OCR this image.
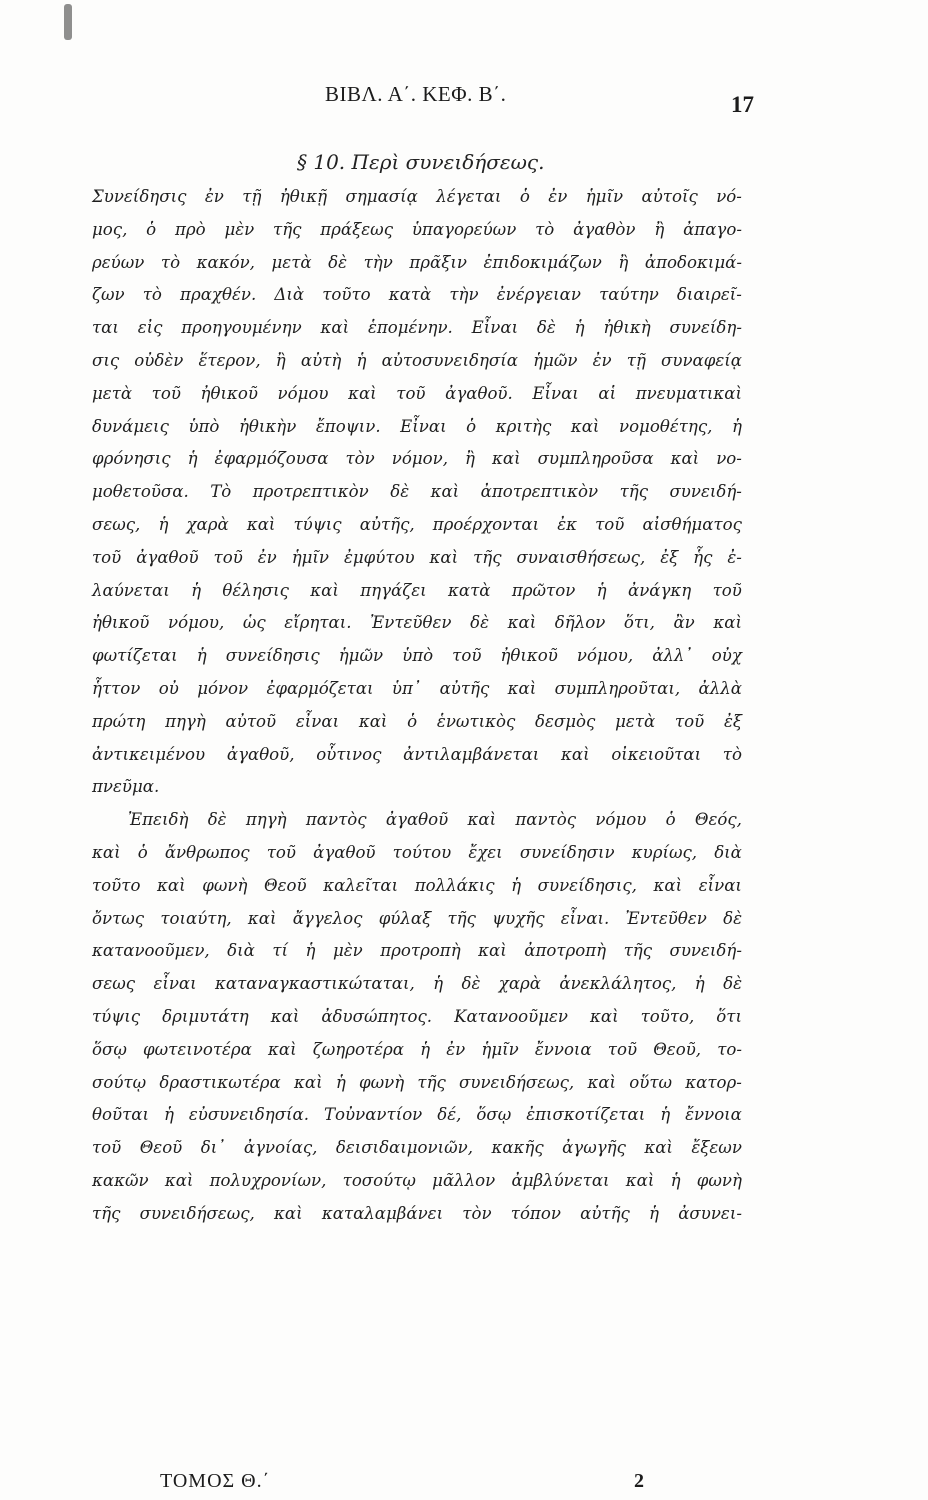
ΒΙΒΛ. Α΄. ΚΕΦ. Β΄.	17
§ 10. Περὶ συνειδήσεως.
Συνείδησις ἐν τῇ ἠθικῇ σημασίᾳ λέγεται ὁ ἐν ἡμῖν αὐτοῖς νό-
μος, ὁ πρὸ μὲν τῆς πράξεως ὑπαγορεύων τὸ ἀγαθὸν ἢ ἀπαγο-
ρεύων τὸ κακόν, μετὰ δὲ τὴν πρᾶξιν ἐπιδοκιμάζων ἢ ἀποδοκιμά-
ζων τὸ πραχθέν. Διὰ τοῦτο κατὰ τὴν ἐνέργειαν ταύτην διαιρεῖ-
ται εἰς προηγουμένην καὶ ἑπομένην. Εἶναι δὲ ἡ ἠθικὴ συνείδη-
σις οὐδὲν ἕτερον, ἢ αὐτὴ ἡ αὐτοσυνειδησία ἡμῶν ἐν τῇ συναφείᾳ
μετὰ τοῦ ἠθικοῦ νόμου καὶ τοῦ ἀγαθοῦ. Εἶναι αἱ πνευματικαὶ
δυνάμεις ὑπὸ ἠθικὴν ἔποψιν. Εἶναι ὁ κριτὴς καὶ νομοθέτης, ἡ
φρόνησις ἡ ἐφαρμόζουσα τὸν νόμον, ἢ καὶ συμπληροῦσα καὶ νο-
μοθετοῦσα. Τὸ προτρεπτικὸν δὲ καὶ ἀποτρεπτικὸν τῆς συνειδή-
σεως, ἡ χαρὰ καὶ τύψις αὐτῆς, προέρχονται ἐκ τοῦ αἰσθήματος
τοῦ ἀγαθοῦ τοῦ ἐν ἡμῖν ἐμφύτου καὶ τῆς συναισθήσεως, ἐξ ἧς ἐ-
λαύνεται ἡ θέλησις καὶ πηγάζει κατὰ πρῶτον ἡ ἀνάγκη τοῦ
ἠθικοῦ νόμου, ὡς εἴρηται. Ἐντεῦθεν δὲ καὶ δῆλον ὅτι, ἂν καὶ
φωτίζεται ἡ συνείδησις ἡμῶν ὑπὸ τοῦ ἠθικοῦ νόμου, ἀλλ᾽ οὐχ
ἧττον οὐ μόνον ἐφαρμόζεται ὑπ᾽ αὐτῆς καὶ συμπληροῦται, ἀλλὰ
πρώτη πηγὴ αὐτοῦ εἶναι καὶ ὁ ἑνωτικὸς δεσμὸς μετὰ τοῦ ἐξ
ἀντικειμένου ἀγαθοῦ, οὗτινος ἀντιλαμβάνεται καὶ οἰκειοῦται τὸ
πνεῦμα.
Ἐπειδὴ δὲ πηγὴ παντὸς ἀγαθοῦ καὶ παντὸς νόμου ὁ Θεός,
καὶ ὁ ἄνθρωπος τοῦ ἀγαθοῦ τούτου ἔχει συνείδησιν κυρίως, διὰ
τοῦτο καὶ φωνὴ Θεοῦ καλεῖται πολλάκις ἡ συνείδησις, καὶ εἶναι
ὄντως τοιαύτη, καὶ ἄγγελος φύλαξ τῆς ψυχῆς εἶναι. Ἐντεῦθεν δὲ
κατανοοῦμεν, διὰ τί ἡ μὲν προτροπὴ καὶ ἀποτροπὴ τῆς συνειδή-
σεως εἶναι καταναγκαστικώταται, ἡ δὲ χαρὰ ἀνεκλάλητος, ἡ δὲ
τύψις δριμυτάτη καὶ ἀδυσώπητος. Κατανοοῦμεν καὶ τοῦτο, ὅτι
ὅσῳ φωτεινοτέρα καὶ ζωηροτέρα ἡ ἐν ἡμῖν ἔννοια τοῦ Θεοῦ, το-
σούτῳ δραστικωτέρα καὶ ἡ φωνὴ τῆς συνειδήσεως, καὶ οὕτω κατορ-
θοῦται ἡ εὐσυνειδησία. Τοὐναντίον δέ, ὅσῳ ἐπισκοτίζεται ἡ ἔννοια
τοῦ Θεοῦ δι᾽ ἀγνοίας, δεισιδαιμονιῶν, κακῆς ἀγωγῆς καὶ ἔξεων
κακῶν καὶ πολυχρονίων, τοσούτῳ μᾶλλον ἀμβλύνεται καὶ ἡ φωνὴ
τῆς συνειδήσεως, καὶ καταλαμβάνει τὸν τόπον αὐτῆς ἡ ἀσυνει-
ΤΟΜΟΣ Θ.΄	2
